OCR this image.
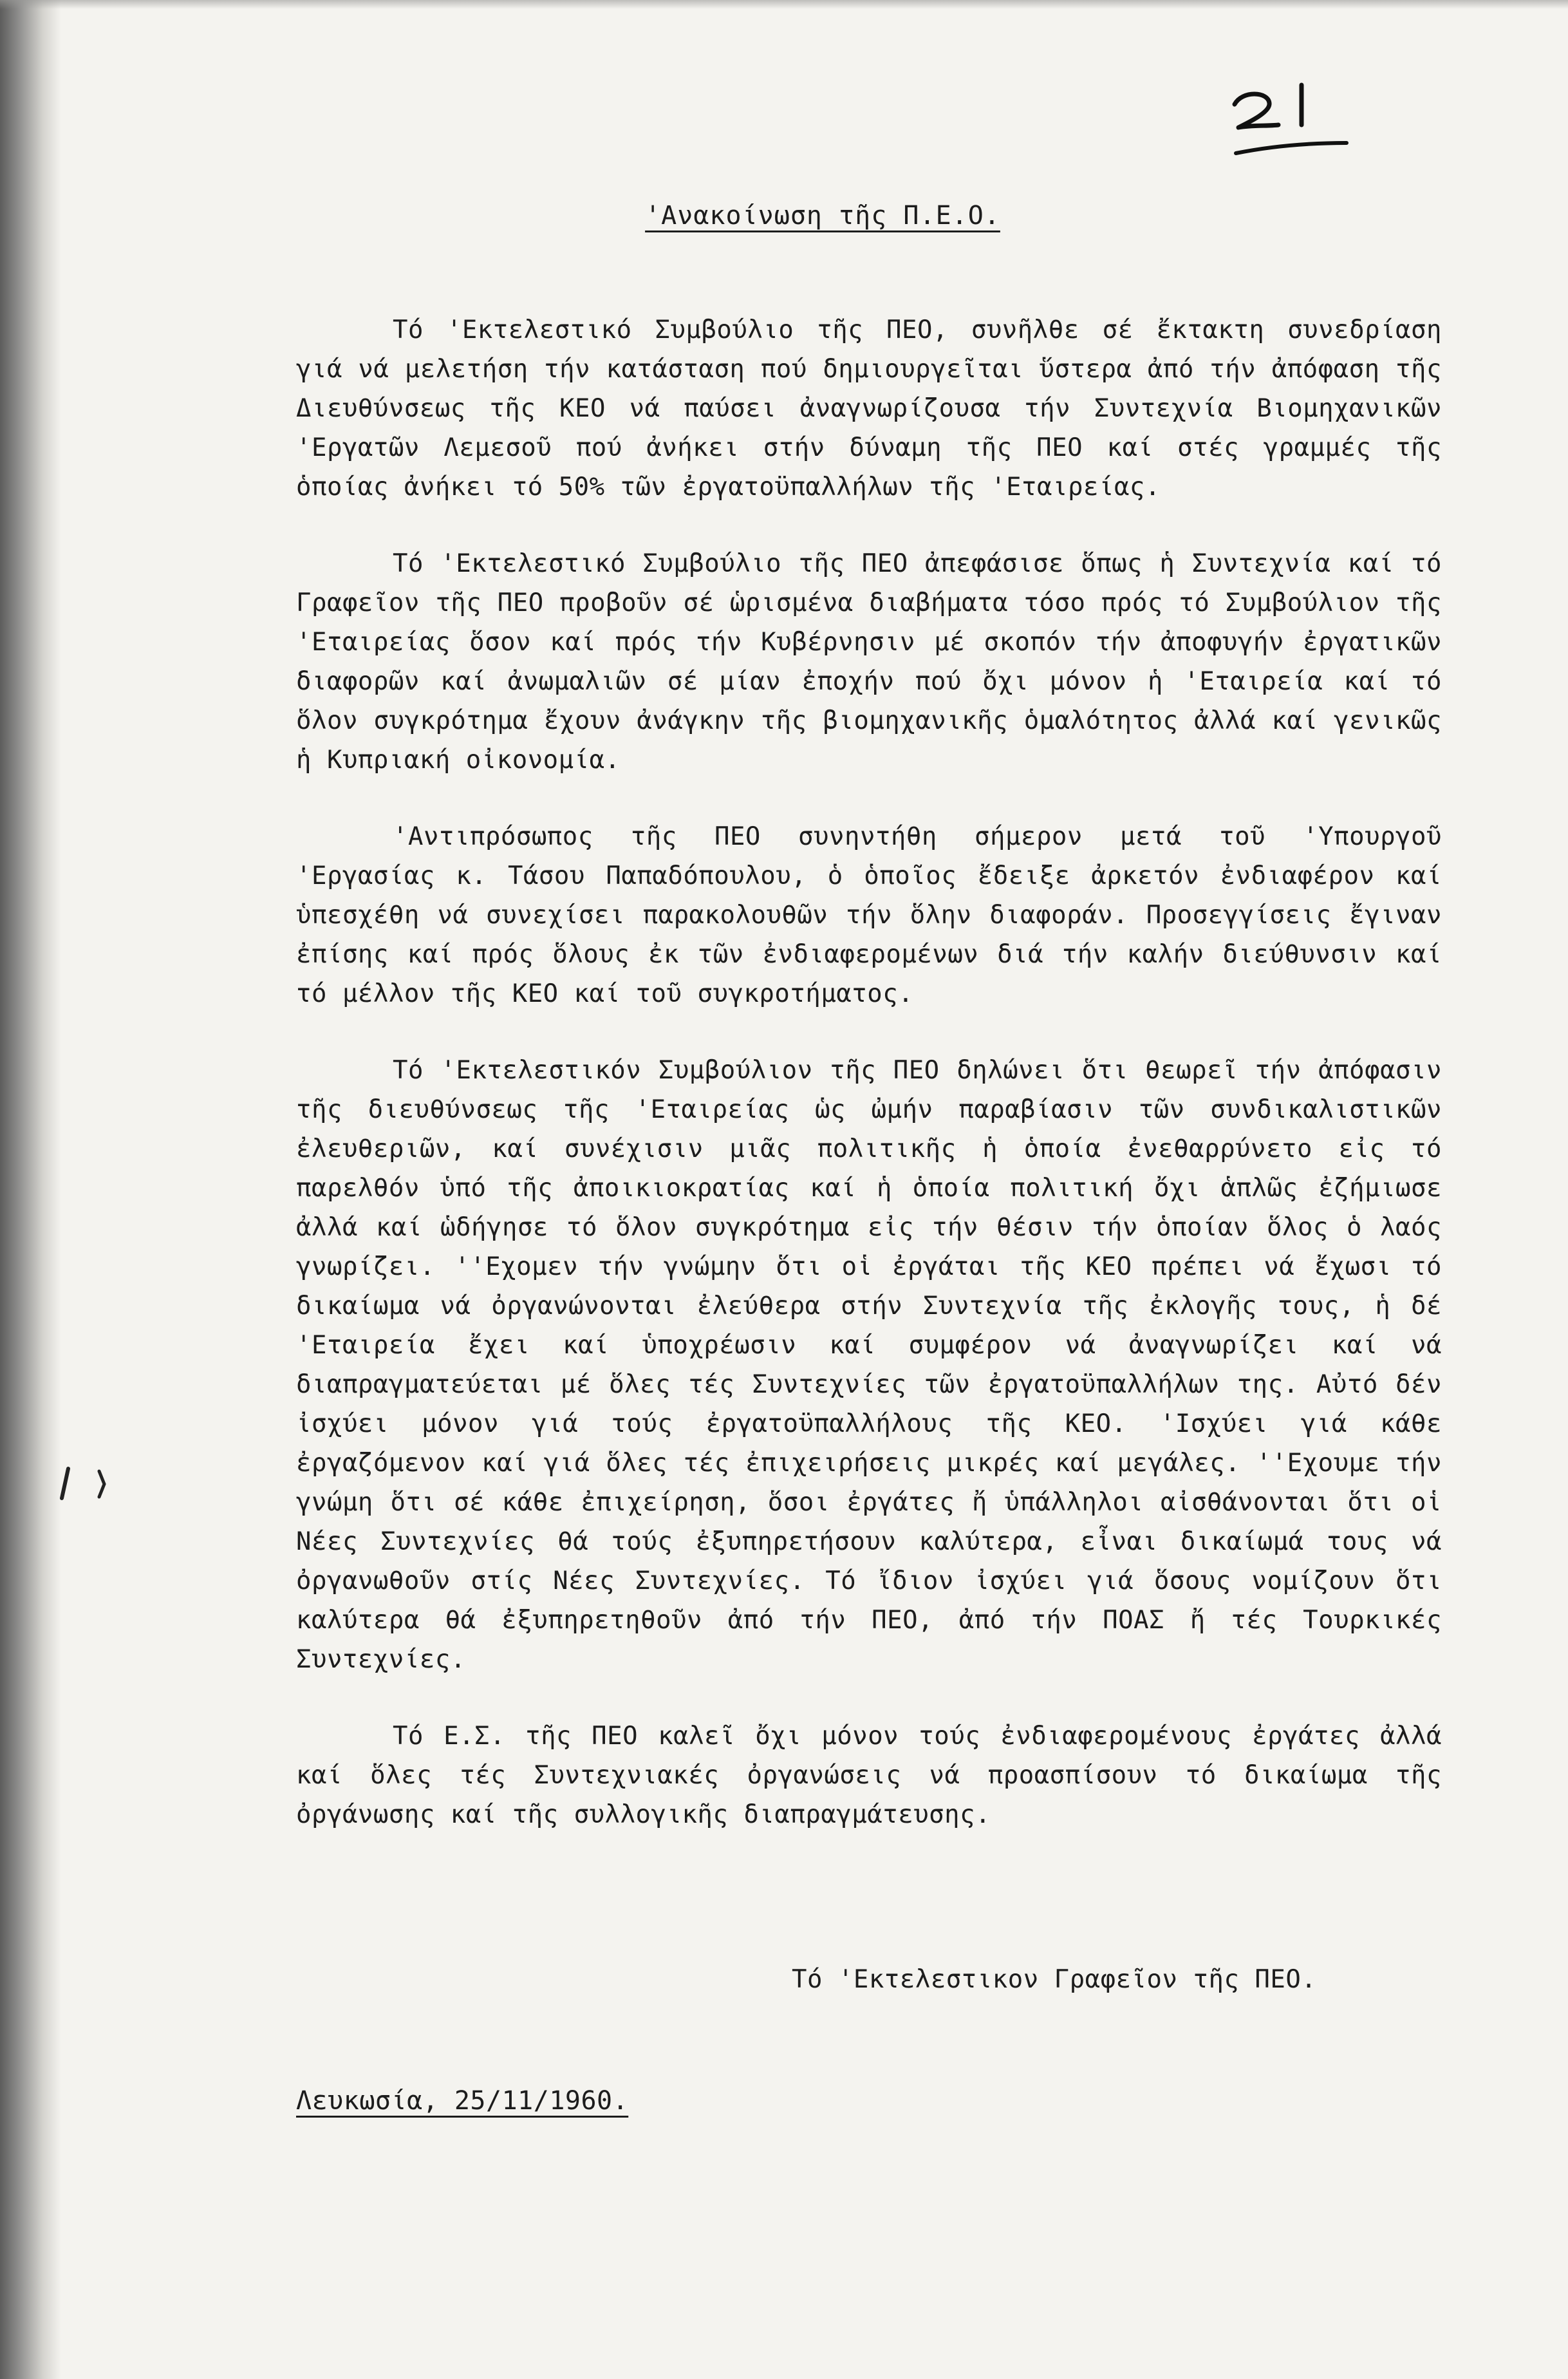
'Ανακοίνωση τῆς Π.Ε.Ο.

Τό 'Εκτελεστικό Συμβούλιο τῆς ΠΕΟ, συνῆλθε σέ ἔκτακτη συνεδρίαση γιά νά μελετήση τήν κατάσταση πού δημιουργεῖται ὕστερα ἀπό τήν ἀπόφαση τῆς Διευθύνσεως τῆς ΚΕΟ νά παύσει ἀναγνωρίζουσα τήν Συντεχνία Βιομηχανικῶν 'Εργατῶν Λεμεσοῦ πού ἀνήκει στήν δύναμη τῆς ΠΕΟ καί στές γραμμές τῆς ὁποίας ἀνήκει τό 50% τῶν ἐργατοϋπαλλήλων τῆς 'Εταιρείας.

Τό 'Εκτελεστικό Συμβούλιο τῆς ΠΕΟ ἀπεφάσισε ὅπως ἡ Συντεχνία καί τό Γραφεῖον τῆς ΠΕΟ προβοῦν σέ ὡρισμένα διαβήματα τόσο πρός τό Συμβούλιον τῆς 'Εταιρείας ὅσον καί πρός τήν Κυβέρνησιν μέ σκοπόν τήν ἀποφυγήν ἐργατικῶν διαφορῶν καί ἀνωμαλιῶν σέ μίαν ἐποχήν πού ὄχι μόνον ἡ 'Εταιρεία καί τό ὅλον συγκρότημα ἔχουν ἀνάγκην τῆς βιομηχανικῆς ὁμαλότητος ἀλλά καί γενικῶς ἡ Κυπριακή οἰκονομία.

'Αντιπρόσωπος τῆς ΠΕΟ συνηντήθη σήμερον μετά τοῦ 'Υπουργοῦ 'Εργασίας κ. Τάσου Παπαδόπουλου, ὁ ὁποῖος ἔδειξε ἀρκετόν ἐνδιαφέρον καί ὑπεσχέθη νά συνεχίσει παρακολουθῶν τήν ὅλην διαφοράν. Προσεγγίσεις ἔγιναν ἐπίσης καί πρός ὅλους ἐκ τῶν ἐνδιαφερομένων διά τήν καλήν διεύθυνσιν καί τό μέλλον τῆς ΚΕΟ καί τοῦ συγκροτήματος.

Τό 'Εκτελεστικόν Συμβούλιον τῆς ΠΕΟ δηλώνει ὅτι θεωρεῖ τήν ἀπόφασιν τῆς διευθύνσεως τῆς 'Εταιρείας ὡς ὠμήν παραβίασιν τῶν συνδικαλιστικῶν ἐλευθεριῶν, καί συνέχισιν μιᾶς πολιτικῆς ἡ ὁποία ἐνεθαρρύνετο εἰς τό παρελθόν ὑπό τῆς ἀποικιοκρατίας καί ἡ ὁποία πολιτική ὄχι ἁπλῶς ἐζήμιωσε ἀλλά καί ὡδήγησε τό ὅλον συγκρότημα εἰς τήν θέσιν τήν ὁποίαν ὅλος ὁ λαός γνωρίζει. ''Εχομεν τήν γνώμην ὅτι οἱ ἐργάται τῆς ΚΕΟ πρέπει νά ἔχωσι τό δικαίωμα νά ὀργανώνονται ἐλεύθερα στήν Συντεχνία τῆς ἐκλογῆς τους, ἡ δέ 'Εταιρεία ἔχει καί ὑποχρέωσιν καί συμφέρον νά ἀναγνωρίζει καί νά διαπραγματεύεται μέ ὅλες τές Συντεχνίες τῶν ἐργατοϋπαλλήλων της. Αὐτό δέν ἰσχύει μόνον γιά τούς ἐργατοϋπαλλήλους τῆς ΚΕΟ. 'Ισχύει γιά κάθε ἐργαζόμενον καί γιά ὅλες τές ἐπιχειρήσεις μικρές καί μεγάλες. ''Εχουμε τήν γνώμη ὅτι σέ κάθε ἐπιχείρηση, ὅσοι ἐργάτες ἤ ὑπάλληλοι αἰσθάνονται ὅτι οἱ Νέες Συντεχνίες θά τούς ἐξυπηρετήσουν καλύτερα, εἶναι δικαίωμά τους νά ὀργανωθοῦν στίς Νέες Συντεχνίες. Τό ἴδιον ἰσχύει γιά ὅσους νομίζουν ὅτι καλύτερα θά ἐξυπηρετηθοῦν ἀπό τήν ΠΕΟ, ἀπό τήν ΠΟΑΣ ἤ τές Τουρκικές Συντεχνίες.

Τό Ε.Σ. τῆς ΠΕΟ καλεῖ ὄχι μόνον τούς ἐνδιαφερομένους ἐργάτες ἀλλά καί ὅλες τές Συντεχνιακές ὀργανώσεις νά προασπίσουν τό δικαίωμα τῆς ὀργάνωσης καί τῆς συλλογικῆς διαπραγμάτευσης.

Τό 'Εκτελεστικον Γραφεῖον τῆς ΠΕΟ.
Λευκωσία, 25/11/1960.
